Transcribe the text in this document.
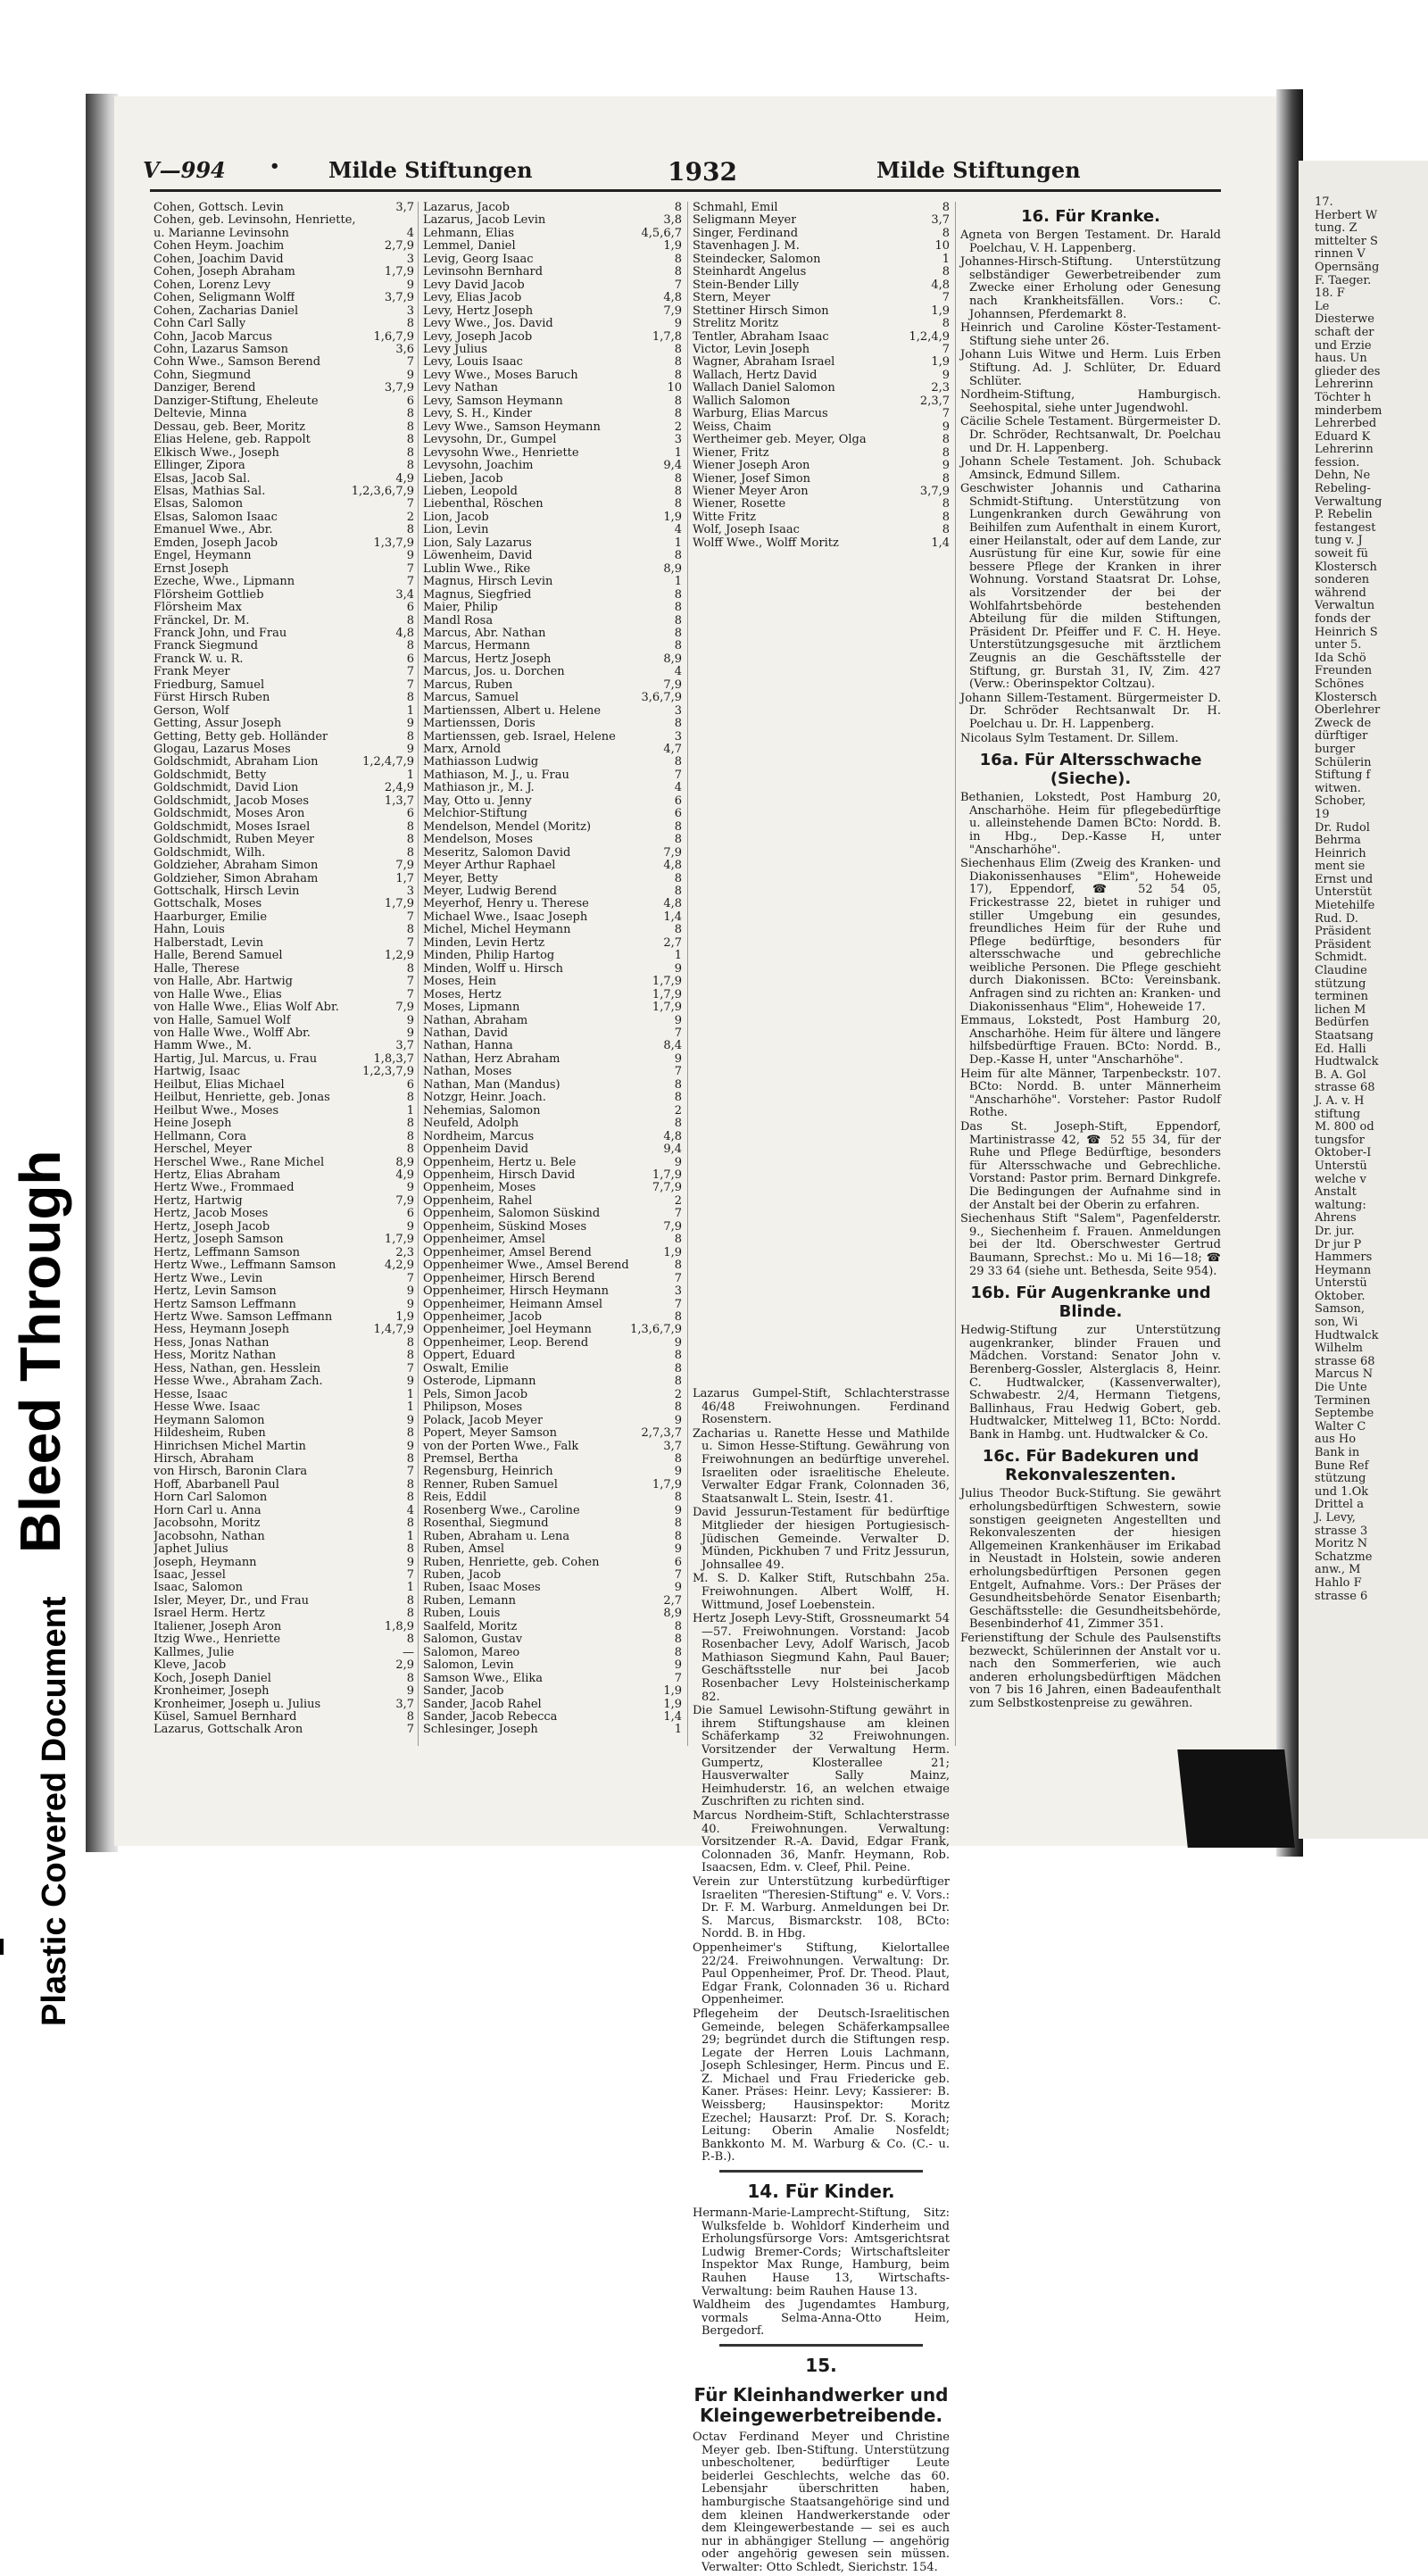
Bleed Through
Plastic Covered Document
17.
Herbert W
tung. Z
mittelter S
rinnen V
Opernsäng
F. Taeger.
18. F
Le
Diesterwe
schaft der
und Erzie
haus. Un
glieder des
Lehrerinn
Töchter h
minderbem
Lehrerbed
Eduard K
Lehrerinn
fession.
Dehn, Ne
Rebeling-
Verwaltung
P. Rebelin
festangest
tung v. J
soweit fü
Klostersch
sonderen
während
Verwaltun
fonds der
Heinrich S
unter 5.
Ida Schö
Freunden
Schönes
Klostersch
Oberlehrer
Zweck de
dürftiger
burger
Schülerin
Stiftung f
witwen.
Schober,
19
Dr. Rudol
Behrma
Heinrich
ment sie
Ernst und
Unterstüt
Mietehilfe
Rud. D.
Präsident
Präsident
Schmidt.
Claudine
stützung
terminen
lichen M
Bedürfen
Staatsang
Ed. Halli
Hudtwalck
B. A. Gol
strasse 68
J. A. v. H
stiftung
M. 800 od
tungsfor
Oktober-I
Unterstü
welche v
Anstalt
waltung:
Ahrens
Dr. jur.
Dr jur P
Hammers
Heymann
Unterstü
Oktober.
Samson,
son, Wi
Hudtwalck
Wilhelm
strasse 68
Marcus N
Die Unte
Terminen
Septembe
Walter C
aus Ho
Bank in
Bune Ref
stützung
und 1.Ok
Drittel a
J. Levy,
strasse 3
Moritz N
Schatzme
anw., M
Hahlo F
strasse 6
V—994	• Milde Stiftungen	1932	Milde Stiftungen
Cohen, Gottsch. Levin	3,7
Cohen, geb. Levinsohn, Henriette,
u. Marianne Levinsohn	4
Cohen Heym. Joachim	2,7,9
Cohen, Joachim David	3
Cohen, Joseph Abraham	1,7,9
Cohen, Lorenz Levy	9
Cohen, Seligmann Wolff	3,7,9
Cohen, Zacharias Daniel	3
Cohn Carl Sally	8
Cohn, Jacob Marcus	1,6,7,9
Cohn, Lazarus Samson	3,6
Cohn Wwe., Samson Berend	7
Cohn, Siegmund	9
Danziger, Berend	3,7,9
Danziger-Stiftung, Eheleute	6
Deltevie, Minna	8
Dessau, geb. Beer, Moritz	8
Elias Helene, geb. Rappolt	8
Elkisch Wwe., Joseph	8
Ellinger, Zipora	8
Elsas, Jacob Sal.	4,9
Elsas, Mathias Sal.	1,2,3,6,7,9
Elsas, Salomon	7
Elsas, Salomon Isaac	2
Emanuel Wwe., Abr.	8
Emden, Joseph Jacob	1,3,7,9
Engel, Heymann	9
Ernst Joseph	7
Ezeche, Wwe., Lipmann	7
Flörsheim Gottlieb	3,4
Flörsheim Max	6
Fränckel, Dr. M.	8
Franck John, und Frau	4,8
Franck Siegmund	8
Franck W. u. R.	6
Frank Meyer	7
Friedburg, Samuel	7
Fürst Hirsch Ruben	8
Gerson, Wolf	1
Getting, Assur Joseph	9
Getting, Betty geb. Holländer	8
Glogau, Lazarus Moses	9
Goldschmidt, Abraham Lion	1,2,4,7,9
Goldschmidt, Betty	1
Goldschmidt, David Lion	2,4,9
Goldschmidt, Jacob Moses	1,3,7
Goldschmidt, Moses Aron	6
Goldschmidt, Moses Israel	8
Goldschmidt, Ruben Meyer	8
Goldschmidt, Wilh.	8
Goldzieher, Abraham Simon	7,9
Goldzieher, Simon Abraham	1,7
Gottschalk, Hirsch Levin	3
Gottschalk, Moses	1,7,9
Haarburger, Emilie	7
Hahn, Louis	8
Halberstadt, Levin	7
Halle, Berend Samuel	1,2,9
Halle, Therese	8
von Halle, Abr. Hartwig	7
von Halle Wwe., Elias	7
von Halle Wwe., Elias Wolf Abr.	7,9
von Halle, Samuel Wolf	9
von Halle Wwe., Wolff Abr.	9
Hamm Wwe., M.	3,7
Hartig, Jul. Marcus, u. Frau	1,8,3,7
Hartwig, Isaac	1,2,3,7,9
Heilbut, Elias Michael	6
Heilbut, Henriette, geb. Jonas	8
Heilbut Wwe., Moses	1
Heine Joseph	8
Hellmann, Cora	8
Herschel, Meyer	8
Herschel Wwe., Rane Michel	8,9
Hertz, Elias Abraham	4,9
Hertz Wwe., Frommaed	9
Hertz, Hartwig	7,9
Hertz, Jacob Moses	6
Hertz, Joseph Jacob	9
Hertz, Joseph Samson	1,7,9
Hertz, Leffmann Samson	2,3
Hertz Wwe., Leffmann Samson	4,2,9
Hertz Wwe., Levin	7
Hertz, Levin Samson	9
Hertz Samson Leffmann	9
Hertz Wwe. Samson Leffmann	1,9
Hess, Heymann Joseph	1,4,7,9
Hess, Jonas Nathan	8
Hess, Moritz Nathan	8
Hess, Nathan, gen. Hesslein	7
Hesse Wwe., Abraham Zach.	9
Hesse, Isaac	1
Hesse Wwe. Isaac	1
Heymann Salomon	9
Hildesheim, Ruben	8
Hinrichsen Michel Martin	9
Hirsch, Abraham	8
von Hirsch, Baronin Clara	7
Hoff, Abarbanell Paul	8
Horn Carl Salomon	8
Horn Carl u. Anna	4
Jacobsohn, Moritz	8
Jacobsohn, Nathan	1
Japhet Julius	8
Joseph, Heymann	9
Isaac, Jessel	7
Isaac, Salomon	1
Isler, Meyer, Dr., und Frau	8
Israel Herm. Hertz	8
Italiener, Joseph Aron	1,8,9
Itzig Wwe., Henriette	8
Kallmes, Julie	—
Kleve, Jacob	2,9
Koch, Joseph Daniel	8
Kronheimer, Joseph	9
Kronheimer, Joseph u. Julius	3,7
Küsel, Samuel Bernhard	8
Lazarus, Gottschalk Aron	7
Lazarus, Jacob	8
Lazarus, Jacob Levin	3,8
Lehmann, Elias	4,5,6,7
Lemmel, Daniel	1,9
Levig, Georg Isaac	8
Levinsohn Bernhard	8
Levy David Jacob	7
Levy, Elias Jacob	4,8
Levy, Hertz Joseph	7,9
Levy Wwe., Jos. David	9
Levy, Joseph Jacob	1,7,8
Levy Julius	8
Levy, Louis Isaac	8
Levy Wwe., Moses Baruch	8
Levy Nathan	10
Levy, Samson Heymann	8
Levy, S. H., Kinder	8
Levy Wwe., Samson Heymann	2
Levysohn, Dr., Gumpel	3
Levysohn Wwe., Henriette	1
Levysohn, Joachim	9,4
Lieben, Jacob	8
Lieben, Leopold	8
Liebenthal, Röschen	8
Lion, Jacob	1,9
Lion, Levin	4
Lion, Saly Lazarus	1
Löwenheim, David	8
Lublin Wwe., Rike	8,9
Magnus, Hirsch Levin	1
Magnus, Siegfried	8
Maier, Philip	8
Mandl Rosa	8
Marcus, Abr. Nathan	8
Marcus, Hermann	8
Marcus, Hertz Joseph	8,9
Marcus, Jos. u. Dorchen	4
Marcus, Ruben	7,9
Marcus, Samuel	3,6,7,9
Martienssen, Albert u. Helene	3
Martienssen, Doris	8
Martienssen, geb. Israel, Helene	3
Marx, Arnold	4,7
Mathiasson Ludwig	8
Mathiason, M. J., u. Frau	7
Mathiason jr., M. J.	4
May, Otto u. Jenny	6
Melchior-Stiftung	6
Mendelson, Mendel (Moritz)	8
Mendelson, Moses	8
Meseritz, Salomon David	7,9
Meyer Arthur Raphael	4,8
Meyer, Betty	8
Meyer, Ludwig Berend	8
Meyerhof, Henry u. Therese	4,8
Michael Wwe., Isaac Joseph	1,4
Michel, Michel Heymann	8
Minden, Levin Hertz	2,7
Minden, Philip Hartog	1
Minden, Wolff u. Hirsch	9
Moses, Hein	1,7,9
Moses, Hertz	1,7,9
Moses, Lipmann	1,7,9
Nathan, Abraham	9
Nathan, David	7
Nathan, Hanna	8,4
Nathan, Herz Abraham	9
Nathan, Moses	7
Nathan, Man (Mandus)	8
Notzgr, Heinr. Joach.	8
Nehemias, Salomon	2
Neufeld, Adolph	8
Nordheim, Marcus	4,8
Oppenheim David	9,4
Oppenheim, Hertz u. Bele	9
Oppenheim, Hirsch David	1,7,9
Oppenheim, Moses	7,7,9
Oppenheim, Rahel	2
Oppenheim, Salomon Süskind	7
Oppenheim, Süskind Moses	7,9
Oppenheimer, Amsel	8
Oppenheimer, Amsel Berend	1,9
Oppenheimer Wwe., Amsel Berend	8
Oppenheimer, Hirsch Berend	7
Oppenheimer, Hirsch Heymann	3
Oppenheimer, Heimann Amsel	7
Oppenheimer, Jacob	8
Oppenheimer, Joel Heymann	1,3,6,7,9
Oppenheimer, Leop. Berend	9
Oppert, Eduard	8
Oswalt, Emilie	8
Osterode, Lipmann	8
Pels, Simon Jacob	2
Philipson, Moses	8
Polack, Jacob Meyer	9
Popert, Meyer Samson	2,7,3,7
von der Porten Wwe., Falk	3,7
Premsel, Bertha	8
Regensburg, Heinrich	9
Renner, Ruben Samuel	1,7,9
Reis, Eddil	8
Rosenberg Wwe., Caroline	9
Rosenthal, Siegmund	8
Ruben, Abraham u. Lena	8
Ruben, Amsel	9
Ruben, Henriette, geb. Cohen	6
Ruben, Jacob	7
Ruben, Isaac Moses	9
Ruben, Lemann	2,7
Ruben, Louis	8,9
Saalfeld, Moritz	8
Salomon, Gustav	8
Salomon, Mareo	8
Salomon, Levin	9
Samson Wwe., Elika	7
Sander, Jacob	1,9
Sander, Jacob Rahel	1,9
Sander, Jacob Rebecca	1,4
Schlesinger, Joseph	1
Schmahl, Emil	8
Seligmann Meyer	3,7
Singer, Ferdinand	8
Stavenhagen J. M.	10
Steindecker, Salomon	1
Steinhardt Angelus	8
Stein-Bender Lilly	4,8
Stern, Meyer	7
Stettiner Hirsch Simon	1,9
Strelitz Moritz	8
Tentler, Abraham Isaac	1,2,4,9
Victor, Levin Joseph	7
Wagner, Abraham Israel	1,9
Wallach, Hertz David	9
Wallach Daniel Salomon	2,3
Wallich Salomon	2,3,7
Warburg, Elias Marcus	7
Weiss, Chaim	9
Wertheimer geb. Meyer, Olga	8
Wiener, Fritz	8
Wiener Joseph Aron	9
Wiener, Josef Simon	8
Wiener Meyer Aron	3,7,9
Wiener, Rosette	8
Witte Fritz	8
Wolf, Joseph Isaac	8
Wolff Wwe., Wolff Moritz	1,4

Lazarus Gumpel-Stift, Schlachterstrasse 46/48 Freiwohnungen. Ferdinand Rosenstern.

Zacharias u. Ranette Hesse und Mathilde u. Simon Hesse-Stiftung. Gewährung von Freiwohnungen an bedürftige unverehel. Israeliten oder israelitische Eheleute. Verwalter Edgar Frank, Colonnaden 36, Staatsanwalt L. Stein, Isestr. 41.

David Jessurun-Testament für bedürftige Mitglieder der hiesigen Portugiesisch-Jüdischen Gemeinde. Verwalter D. Münden, Pickhuben 7 und Fritz Jessurun, Johnsallee 49.

M. S. D. Kalker Stift, Rutschbahn 25a. Freiwohnungen. Albert Wolff, H. Wittmund, Josef Loebenstein.

Hertz Joseph Levy-Stift, Grossneumarkt 54—57. Freiwohnungen. Vorstand: Jacob Rosenbacher Levy, Adolf Warisch, Jacob Mathiason Siegmund Kahn, Paul Bauer; Geschäftsstelle nur bei Jacob Rosenbacher Levy Holsteinischerkamp 82.

Die Samuel Lewisohn-Stiftung gewährt in ihrem Stiftungshause am kleinen Schäferkamp 32 Freiwohnungen. Vorsitzender der Verwaltung Herm. Gumpertz, Klosterallee 21; Hausverwalter Sally Mainz, Heimhuderstr. 16, an welchen etwaige Zuschriften zu richten sind.

Marcus Nordheim-Stift, Schlachterstrasse 40. Freiwohnungen. Verwaltung: Vorsitzender R.-A. David, Edgar Frank, Colonnaden 36, Manfr. Heymann, Rob. Isaacsen, Edm. v. Cleef, Phil. Peine.

Verein zur Unterstützung kurbedürftiger Israeliten "Theresien-Stiftung" e. V. Vors.: Dr. F. M. Warburg. Anmeldungen bei Dr. S. Marcus, Bismarckstr. 108, BCto: Nordd. B. in Hbg.

Oppenheimer's Stiftung, Kielortallee 22/24. Freiwohnungen. Verwaltung: Dr. Paul Oppenheimer, Prof. Dr. Theod. Plaut, Edgar Frank, Colonnaden 36 u. Richard Oppenheimer.

Pflegeheim der Deutsch-Israelitischen Gemeinde, belegen Schäferkampsallee 29; begründet durch die Stiftungen resp. Legate der Herren Louis Lachmann, Joseph Schlesinger, Herm. Pincus und E. Z. Michael und Frau Friedericke geb. Kaner. Präses: Heinr. Levy; Kassierer: B. Weissberg; Hausinspektor: Moritz Ezechel; Hausarzt: Prof. Dr. S. Korach; Leitung: Oberin Amalie Nosfeldt; Bankkonto M. M. Warburg & Co. (C.- u. P.-B.).

14. Für Kinder.

Hermann-Marie-Lamprecht-Stiftung, Sitz: Wulksfelde b. Wohldorf Kinderheim und Erholungsfürsorge Vors: Amtsgerichtsrat Ludwig Bremer-Cords; Wirtschaftsleiter Inspektor Max Runge, Hamburg, beim Rauhen Hause 13, Wirtschafts-Verwaltung: beim Rauhen Hause 13.

Waldheim des Jugendamtes Hamburg, vormals Selma-Anna-Otto Heim, Bergedorf.

15.
Für Kleinhandwerker und Kleingewerbetreibende.

Octav Ferdinand Meyer und Christine Meyer geb. Iben-Stiftung. Unterstützung unbescholtener, bedürftiger Leute beiderlei Geschlechts, welche das 60. Lebensjahr überschritten haben, hamburgische Staatsangehörige sind und dem kleinen Handwerkerstande oder dem Kleingewerbestande — sei es auch nur in abhängiger Stellung — angehörig oder angehörig gewesen sein müssen. Verwalter: Otto Schledt, Sierichstr. 154.

16. Für Kranke.

Agneta von Bergen Testament. Dr. Harald Poelchau, V. H. Lappenberg.

Johannes-Hirsch-Stiftung. Unterstützung selbständiger Gewerbetreibender zum Zwecke einer Erholung oder Genesung nach Krankheitsfällen. Vors.: C. Johannsen, Pferdemarkt 8.

Heinrich und Caroline Köster-Testament-Stiftung siehe unter 26.

Johann Luis Witwe und Herm. Luis Erben Stiftung. Ad. J. Schlüter, Dr. Eduard Schlüter.

Nordheim-Stiftung, Hamburgisch. Seehospital, siehe unter Jugendwohl.

Cäcilie Schele Testament. Bürgermeister D. Dr. Schröder, Rechtsanwalt, Dr. Poelchau und Dr. H. Lappenberg.

Johann Schele Testament. Joh. Schuback Amsinck, Edmund Sillem.

Geschwister Johannis und Catharina Schmidt-Stiftung. Unterstützung von Lungenkranken durch Gewährung von Beihilfen zum Aufenthalt in einem Kurort, einer Heilanstalt, oder auf dem Lande, zur Ausrüstung für eine Kur, sowie für eine bessere Pflege der Kranken in ihrer Wohnung. Vorstand Staatsrat Dr. Lohse, als Vorsitzender der bei der Wohlfahrtsbehörde bestehenden Abteilung für die milden Stiftungen, Präsident Dr. Pfeiffer und F. C. H. Heye. Unterstützungsgesuche mit ärztlichem Zeugnis an die Geschäftsstelle der Stiftung, gr. Burstah 31, IV, Zim. 427 (Verw.: Oberinspektor Coltzau).

Johann Sillem-Testament. Bürgermeister D. Dr. Schröder Rechtsanwalt Dr. H. Poelchau u. Dr. H. Lappenberg.

Nicolaus Sylm Testament. Dr. Sillem.

16a. Für Altersschwache (Sieche).

Bethanien, Lokstedt, Post Hamburg 20, Anscharhöhe. Heim für pflegebedürftige u. alleinstehende Damen BCto: Nordd. B. in Hbg., Dep.-Kasse H, unter "Anscharhöhe".

Siechenhaus Elim (Zweig des Kranken- und Diakonissenhauses "Elim", Hoheweide 17), Eppendorf, ☎ 52 54 05, Frickestrasse 22, bietet in ruhiger und stiller Umgebung ein gesundes, freundliches Heim für der Ruhe und Pflege bedürftige, besonders für altersschwache und gebrechliche weibliche Personen. Die Pflege geschieht durch Diakonissen. BCto: Vereinsbank. Anfragen sind zu richten an: Kranken- und Diakonissenhaus "Elim", Hoheweide 17.

Emmaus, Lokstedt, Post Hamburg 20, Anscharhöhe. Heim für ältere und längere hilfsbedürftige Frauen. BCto: Nordd. B., Dep.-Kasse H, unter "Anscharhöhe".

Heim für alte Männer, Tarpenbeckstr. 107. BCto: Nordd. B. unter Männerheim "Anscharhöhe". Vorsteher: Pastor Rudolf Rothe.

Das St. Joseph-Stift, Eppendorf, Martinistrasse 42, ☎ 52 55 34, für der Ruhe und Pflege Bedürftige, besonders für Altersschwache und Gebrechliche. Vorstand: Pastor prim. Bernard Dinkgrefe. Die Bedingungen der Aufnahme sind in der Anstalt bei der Oberin zu erfahren.

Siechenhaus Stift "Salem", Pagenfelderstr. 9., Siechenheim f. Frauen. Anmeldungen bei der ltd. Oberschwester Gertrud Baumann, Sprechst.: Mo u. Mi 16—18; ☎ 29 33 64 (siehe unt. Bethesda, Seite 954).

16b. Für Augenkranke und Blinde.

Hedwig-Stiftung zur Unterstützung augenkranker, blinder Frauen und Mädchen. Vorstand: Senator John v. Berenberg-Gossler, Alsterglacis 8, Heinr. C. Hudtwalcker, (Kassenverwalter), Schwabestr. 2/4, Hermann Tietgens, Ballinhaus, Frau Hedwig Gobert, geb. Hudtwalcker, Mittelweg 11, BCto: Nordd. Bank in Hambg. unt. Hudtwalcker & Co.

16c. Für Badekuren und Rekonvaleszenten.

Julius Theodor Buck-Stiftung. Sie gewährt erholungsbedürftigen Schwestern, sowie sonstigen geeigneten Angestellten und Rekonvaleszenten der hiesigen Allgemeinen Krankenhäuser im Erikabad in Neustadt in Holstein, sowie anderen erholungsbedürftigen Personen gegen Entgelt, Aufnahme. Vors.: Der Präses der Gesundheitsbehörde Senator Eisenbarth; Geschäftsstelle: die Gesundheitsbehörde, Besenbinderhof 41, Zimmer 351.

Ferienstiftung der Schule des Paulsenstifts bezweckt, Schülerinnen der Anstalt vor u. nach den Sommerferien, wie auch anderen erholungsbedürftigen Mädchen von 7 bis 16 Jahren, einen Badeaufenthalt zum Selbstkostenpreise zu gewähren.
